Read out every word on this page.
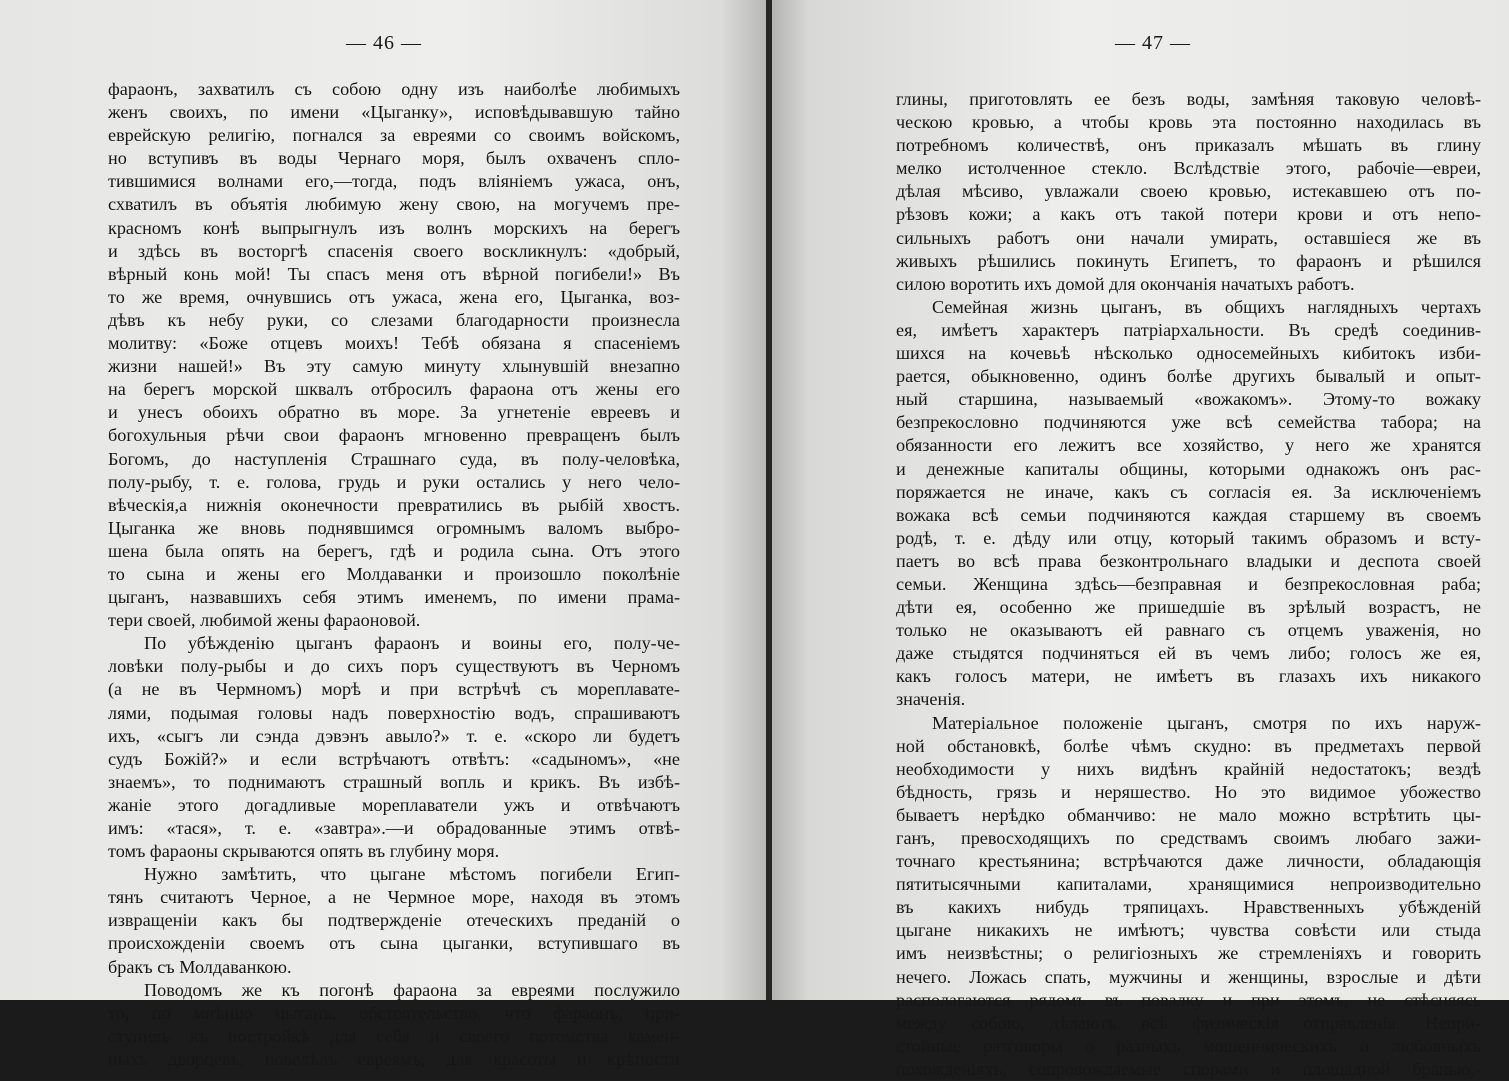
— 46 —
фараонъ, захватилъ съ собою одну изъ наиболѣе любимыхъ
женъ своихъ, по имени «Цыганку», исповѣдывавшую тайно
еврейскую религію, погнался за евреями со своимъ войскомъ,
но вступивъ въ воды Чернаго моря, былъ охваченъ сплo-
тившимися волнами его,—тогда, подъ вліяніемъ ужаса, онъ,
схватилъ въ объятія любимую жену свою, на могучемъ пре-
красномъ конѣ выпрыгнулъ изъ волнъ морскихъ на берегъ
и здѣсь въ восторгѣ спасенія своего воскликнулъ: «добрый,
вѣрный конь мой! Ты спасъ меня отъ вѣрной погибели!» Въ
то же время, очнувшись отъ ужаса, жена его, Цыганка, воз-
дѣвъ къ небу руки, со слезами благодарности произнесла
молитву: «Боже отцевъ моихъ! Тебѣ обязана я спасеніемъ
жизни нашей!» Въ эту самую минуту хлынувшій внезапно
на берегъ морской шквалъ отбросилъ фараона отъ жены его
и унесъ обоихъ обратно въ море. За угнетеніе евреевъ и
богохульныя рѣчи свои фараонъ мгновенно превращенъ былъ
Богомъ, до наступленія Страшнаго суда, въ полу-человѣка,
полу-рыбу, т. е. голова, грудь и руки остались у него чело-
вѣческія,а нижнія оконечности превратились въ рыбій хвостъ.
Цыганка же вновь поднявшимся огромнымъ валомъ выбро-
шена была опять на берегъ, гдѣ и родила сына. Отъ этого
то сына и жены его Молдаванки и произошло поколѣніе
цыганъ, назвавшихъ себя этимъ именемъ, по имени прама-
тери своей, любимой жены фараоновой.
По убѣжденію цыганъ фараонъ и воины его, полу-че-
ловѣки полу-рыбы и до сихъ поръ существуютъ въ Черномъ
(а не въ Чермномъ) морѣ и при встрѣчѣ съ мореплавате-
лями, подымая головы надъ поверхностію водъ, спрашиваютъ
ихъ, «сыгъ ли сэнда дэвэнъ авыло?» т. е. «скоро ли будетъ
судъ Божій?» и если встрѣчаютъ отвѣтъ: «садыномъ», «не
знаемъ», то поднимаютъ страшный вопль и крикъ. Въ избѣ-
жаніе этого догадливые мореплаватели ужъ и отвѣчаютъ
имъ: «тася», т. е. «завтра».—и обрадованные этимъ отвѣ-
томъ фараоны скрываются опять въ глубину моря.
Нужно замѣтить, что цыгане мѣстомъ погибели Егип-
тянъ считаютъ Черное, а не Чермное море, находя въ этомъ
извращеніи какъ бы подтвержденіе отеческихъ преданій о
происхожденіи своемъ отъ сына цыганки, вступившагo въ
бракъ съ Молдаванкою.
Поводомъ же къ погонѣ фараона за евреями послужило
то, по мнѣнію цыганъ, обстоятельство, что фараонъ, при-
ступивъ къ постройкѣ для себя и своего потомства камен-
ныхъ дворцевъ, повелѣлъ евреямъ, для красоты и крѣпости
— 47 —
глины, приготовлять ее безъ воды, замѣняя таковую человѣ-
ческою кровью, а чтобы кровь эта постоянно находилась въ
потребномъ количествѣ, онъ приказалъ мѣшать въ глину
мелко истолченное стекло. Вслѣдствіе этого, рабочіе—евреи,
дѣлая мѣсиво, увлажали своею кровью, истекавшею отъ по-
рѣзовъ кожи; а какъ отъ такой потери крови и отъ непо-
сильныхъ работъ они начали умирать, оставшіеся же въ
живыхъ рѣшились покинуть Египетъ, то фараонъ и рѣшился
силою воротить ихъ домой для окончанія начатыхъ работъ.
Семейная жизнь цыганъ, въ общихъ наглядныхъ чертахъ
ея, имѣетъ характеръ патріархальности. Въ средѣ соединив-
шихся на кочевьѣ нѣсколько односемейныхъ кибитокъ изби-
рается, обыкновенно, одинъ болѣе другихъ бывалый и опыт-
ный старшина, называемый «вожакомъ». Этому-то вожаку
безпрекословно подчиняются уже всѣ семейства табора; на
обязанности его лежитъ все хозяйство, у него же хранятся
и денежные капиталы общины, которыми однакожъ онъ рас-
поряжается не иначе, какъ съ согласія ея. За исключеніемъ
вожака всѣ семьи подчиняются каждая старшему въ своемъ
родѣ, т. е. дѣду или отцу, который такимъ образомъ и всту-
паетъ во всѣ права безконтрольнаго владыки и деспота своей
семьи. Женщина здѣсь—безправная и безпрекословная раба;
дѣти ея, особенно же пришедшіе въ зрѣлый возрастъ, не
только не оказываютъ ей равнаго съ отцемъ уваженія, но
даже стыдятся подчиняться ей въ чемъ либо; голосъ же ея,
какъ голосъ матери, не имѣетъ въ глазахъ ихъ никакого
значенія.
Матеріальное положеніе цыганъ, смотря по ихъ наруж-
ной обстановкѣ, болѣе чѣмъ скудно: въ предметахъ первой
необходимости у нихъ видѣнъ крайній недостатокъ; вездѣ
бѣдность, грязь и неряшество. Но это видимое убожество
бываетъ нерѣдко обманчиво: не мало можно встрѣтить цы-
ганъ, превосходящихъ по средствамъ своимъ любаго зажи-
точнаго крестьянина; встрѣчаются даже личности, обладающія
пятитысячными капиталами, хранящимися непроизводительно
въ какихъ нибудь тряпицахъ. Нравственныхъ убѣжденій
цыгане никакихъ не имѣютъ; чувства совѣсти или стыда
имъ неизвѣстны; о религіозныхъ же стремленіяхъ и говорить
нечего. Ложась спать, мужчины и женщины, взрослые и дѣти
располагаются рядомъ въ повалку и при этомъ, не стѣсняясь
между собою, дѣлаютъ всѣ физическія отправленія. Непри-
стойные разговоры о разныхъ мошенническихъ и любовныхъ
похожденіяхъ, сопровождаемые спорами и площадной бранью,-
